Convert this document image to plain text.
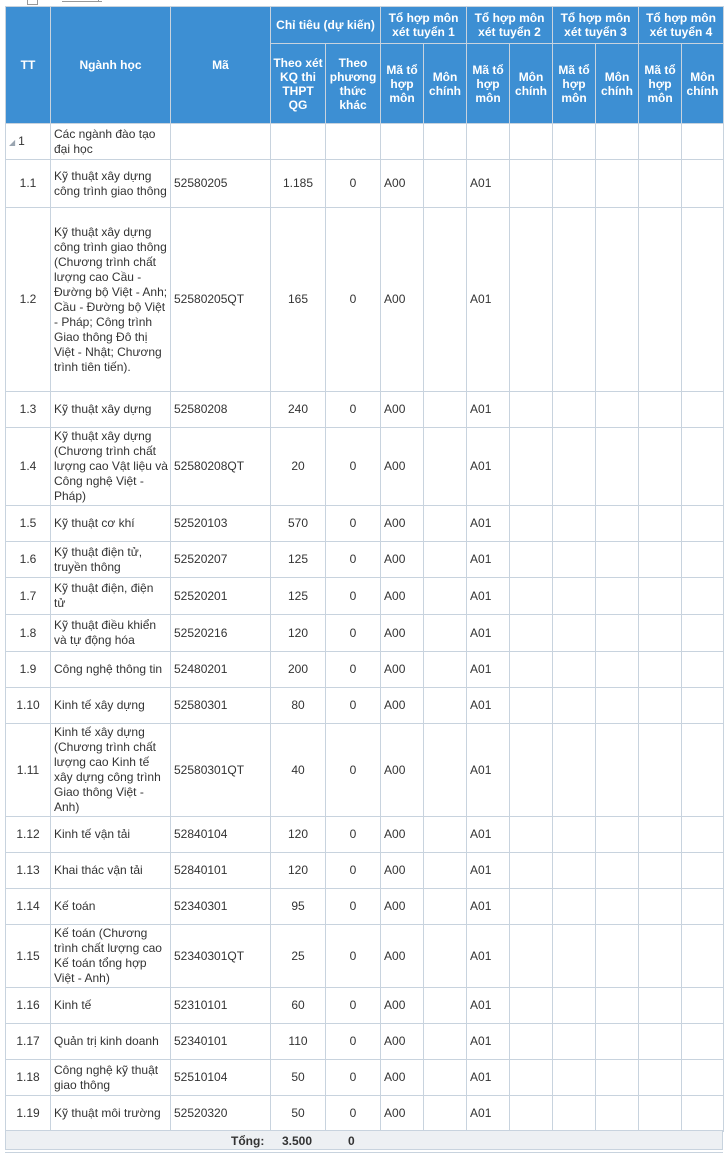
TT	Ngành học	Mã	Chỉ tiêu (dự kiến)		Tổ hợp môn xét tuyển 1		Tổ hợp môn xét tuyển 2		Tổ hợp môn xét tuyển 3		Tổ hợp môn xét tuyển 4	
			Theo xét KQ thi THPT QG	Theo phương thức khác	Mã tổ hợp môn	Môn chính	Mã tổ hợp môn	Môn chính	Mã tổ hợp môn	Môn chính	Mã tổ hợp môn	Môn chính
◢ 1	Các ngành đào tạo đại học											
1.1	Kỹ thuật xây dựng công trình giao thông	52580205	1.185	0	A00		A01					
1.2	Kỹ thuật xây dựng công trình giao thông (Chương trình chất lượng cao Cầu - Đường bộ Việt - Anh; Cầu - Đường bộ Việt - Pháp; Công trình Giao thông Đô thị Việt - Nhật; Chương trình tiên tiến).	52580205QT	165	0	A00		A01					
1.3	Kỹ thuật xây dựng	52580208	240	0	A00		A01					
1.4	Kỹ thuật xây dựng (Chương trình chất lượng cao Vật liệu và Công nghệ Việt - Pháp)	52580208QT	20	0	A00		A01					
1.5	Kỹ thuật cơ khí	52520103	570	0	A00		A01					
1.6	Kỹ thuật điện tử, truyền thông	52520207	125	0	A00		A01					
1.7	Kỹ thuật điện, điện tử	52520201	125	0	A00		A01					
1.8	Kỹ thuật điều khiển và tự động hóa	52520216	120	0	A00		A01					
1.9	Công nghệ thông tin	52480201	200	0	A00		A01					
1.10	Kinh tế xây dựng	52580301	80	0	A00		A01					
1.11	Kinh tế xây dựng (Chương trình chất lượng cao Kinh tế xây dựng công trình Giao thông Việt - Anh)	52580301QT	40	0	A00		A01					
1.12	Kinh tế vận tải	52840104	120	0	A00		A01					
1.13	Khai thác vận tải	52840101	120	0	A00		A01					
1.14	Kế toán	52340301	95	0	A00		A01					
1.15	Kế toán (Chương trình chất lượng cao Kế toán tổng hợp Việt - Anh)	52340301QT	25	0	A00		A01					
1.16	Kinh tế	52310101	60	0	A00		A01					
1.17	Quản trị kinh doanh	52340101	110	0	A00		A01					
1.18	Công nghệ kỹ thuật giao thông	52510104	50	0	A00		A01					
1.19	Kỹ thuật môi trường	52520320	50	0	A00		A01					
Tổng: 3.500	0
